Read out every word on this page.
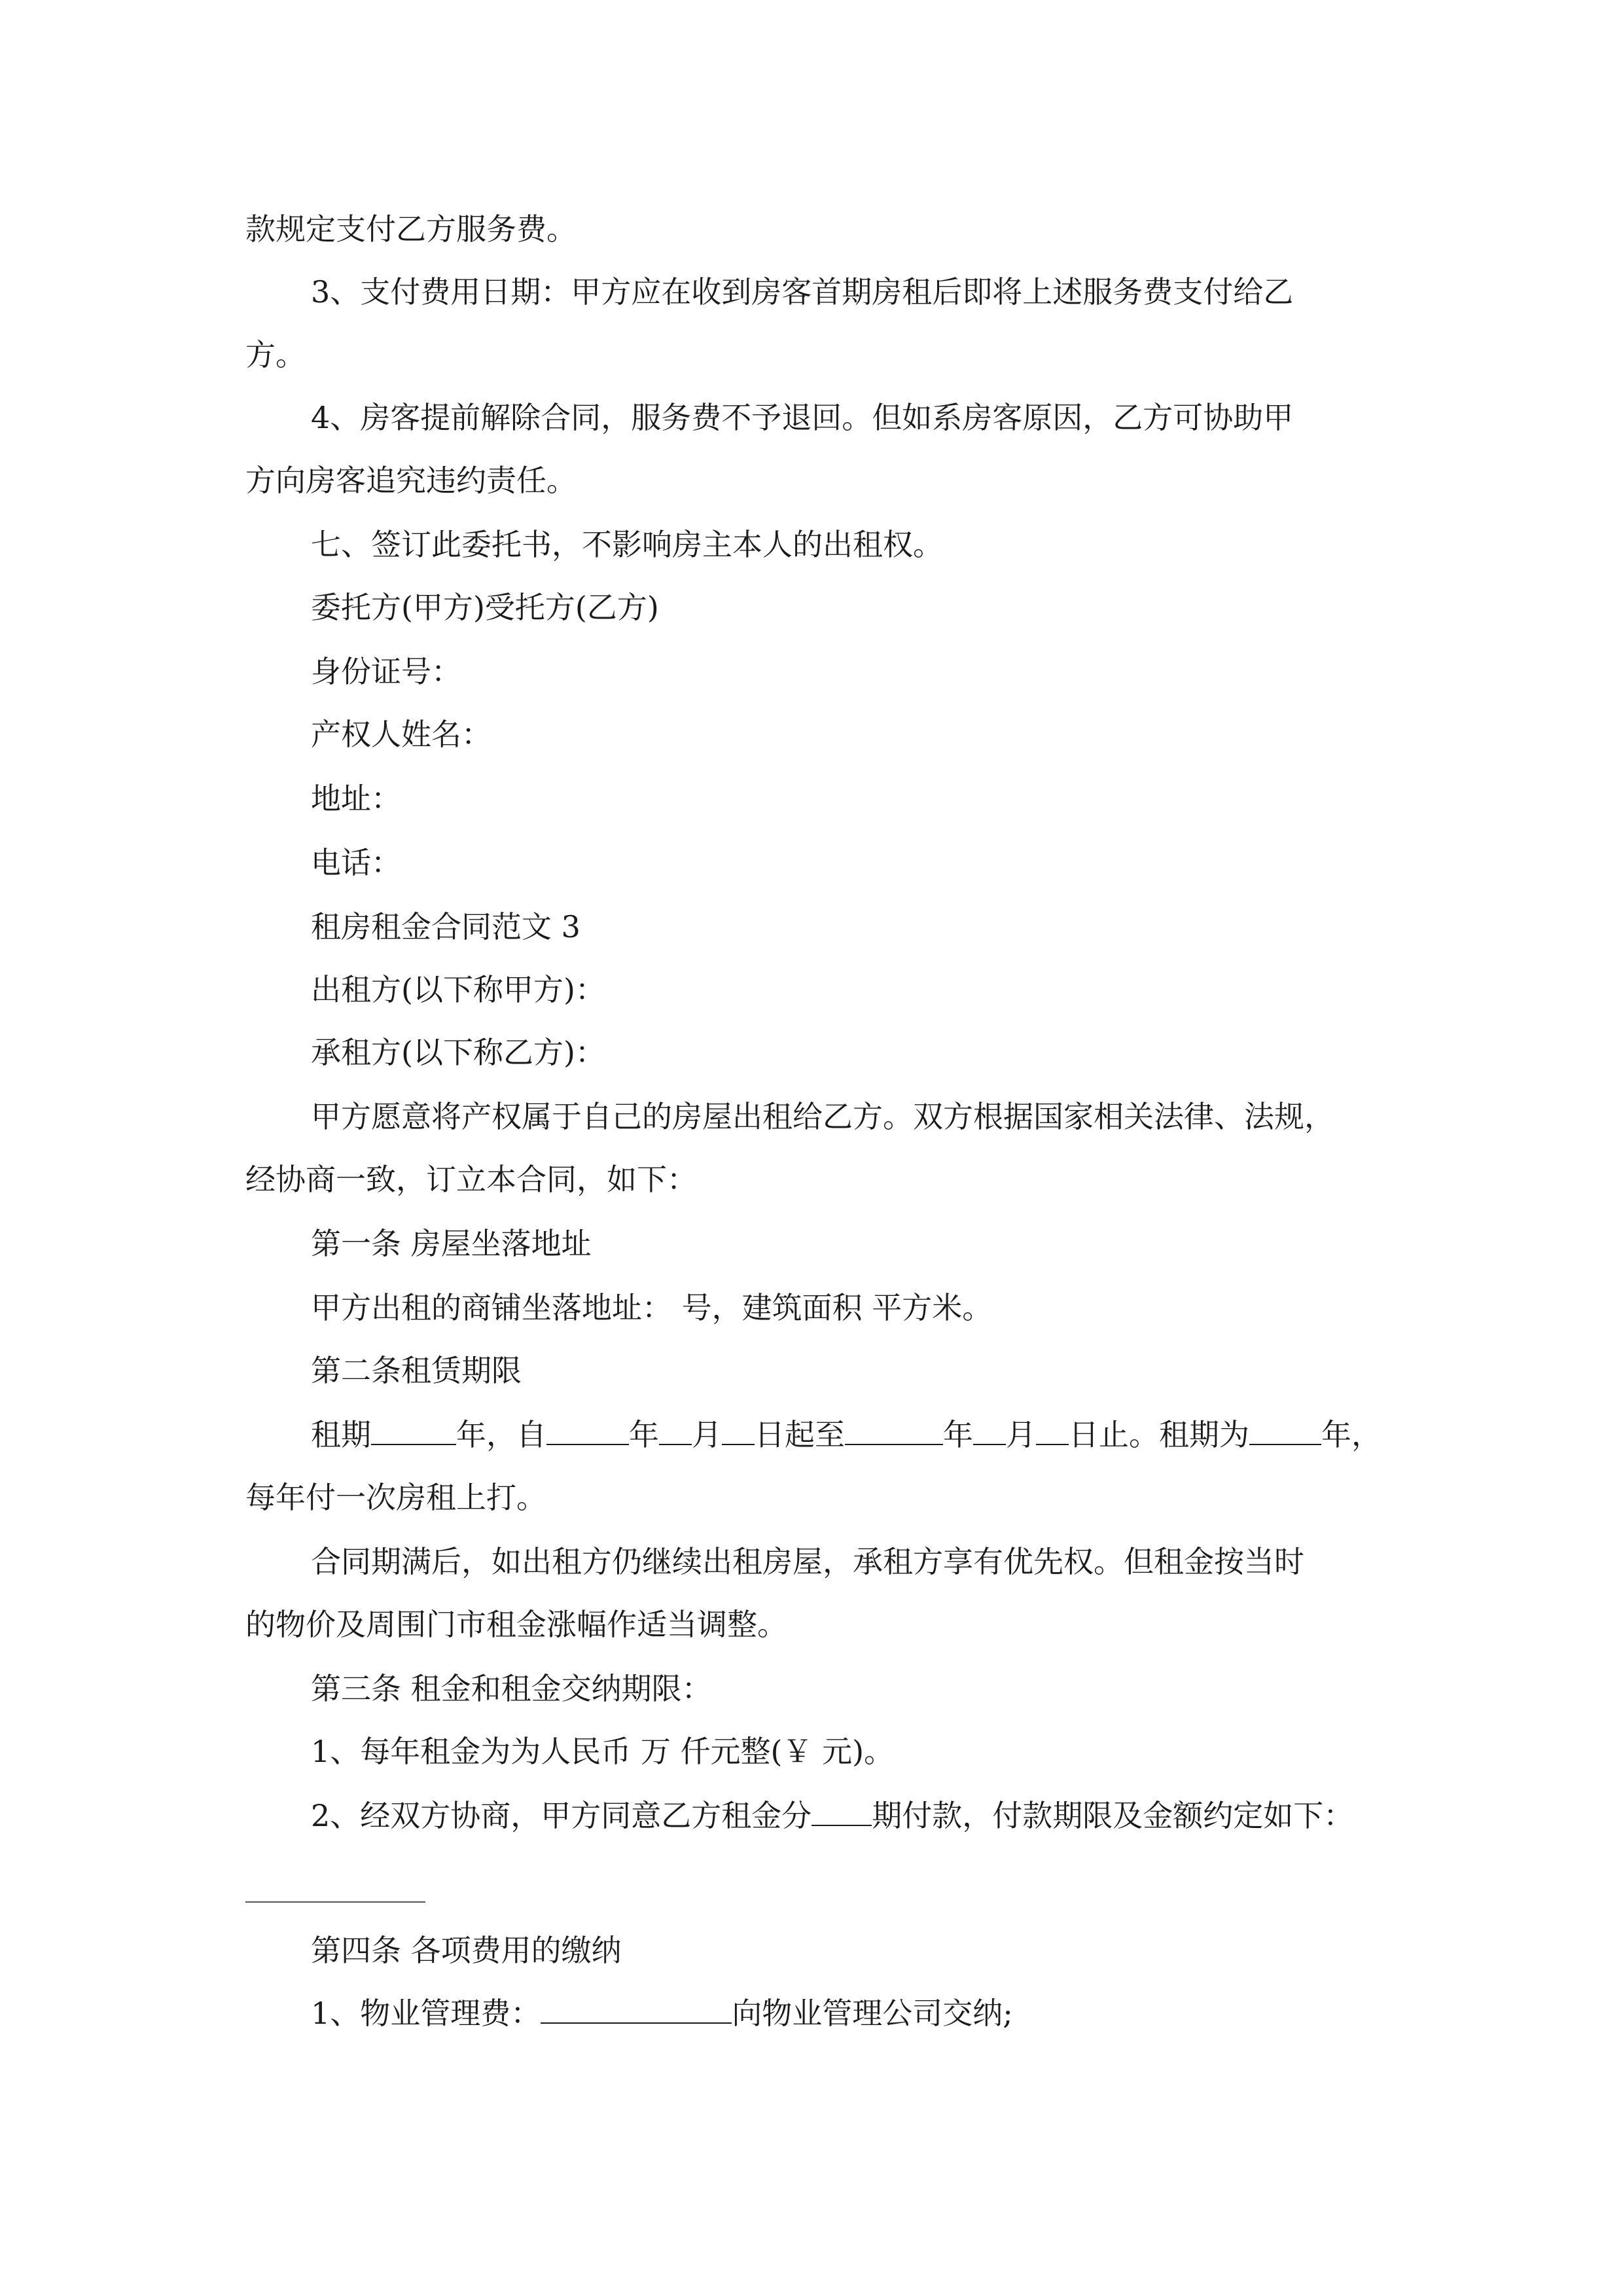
款规定支付乙方服务费。
3、支付费用日期：甲方应在收到房客首期房租后即将上述服务费支付给乙
方。
4、房客提前解除合同，服务费不予退回。但如系房客原因，乙方可协助甲
方向房客追究违约责任。
七、签订此委托书，不影响房主本人的出租权。
委托方(甲方)受托方(乙方)
身份证号：
产权人姓名：
地址：
电话：
租房租金合同范文 3
出租方(以下称甲方)：
承租方(以下称乙方)：
甲方愿意将产权属于自己的房屋出租给乙方。双方根据国家相关法律、法规，
经协商一致，订立本合同，如下：
第一条 房屋坐落地址
甲方出租的商铺坐落地址： 号，建筑面积 平方米。
第二条租赁期限
租期	年，自	年 月 日起至	年 月 日止。租期为 年，
每年付一次房租上打。
合同期满后，如出租方仍继续出租房屋，承租方享有优先权。但租金按当时
的物价及周围门市租金涨幅作适当调整。
第三条 租金和租金交纳期限：
1、每年租金为为人民币 万 仟元整(￥ 元)。
2、经双方协商，甲方同意乙方租金分 期付款，付款期限及金额约定如下：
第四条 各项费用的缴纳
1、物业管理费：	向物业管理公司交纳;
